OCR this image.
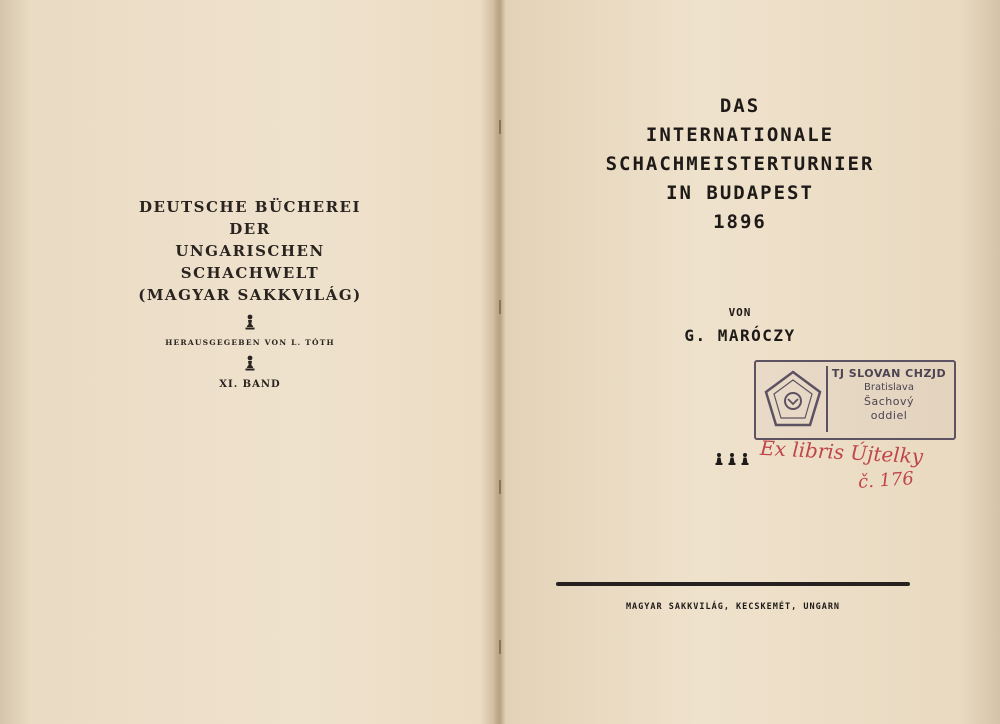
DEUTSCHE BÜCHEREI

DER

UNGARISCHEN

SCHACHWELT

(MAGYAR SAKKVILÁG)

HERAUSGEGEBEN VON L. TÓTH

XI. BAND

DAS

INTERNATIONALE

SCHACHMEISTERTURNIER

IN BUDAPEST

1896

VON
G. MARÓCZY
TJ SLOVAN CHZJD
Bratislava
Šachový
oddiel
Ex libris Újtelky
č. 176
MAGYAR SAKKVILÁG, KECSKEMÉT, UNGARN
